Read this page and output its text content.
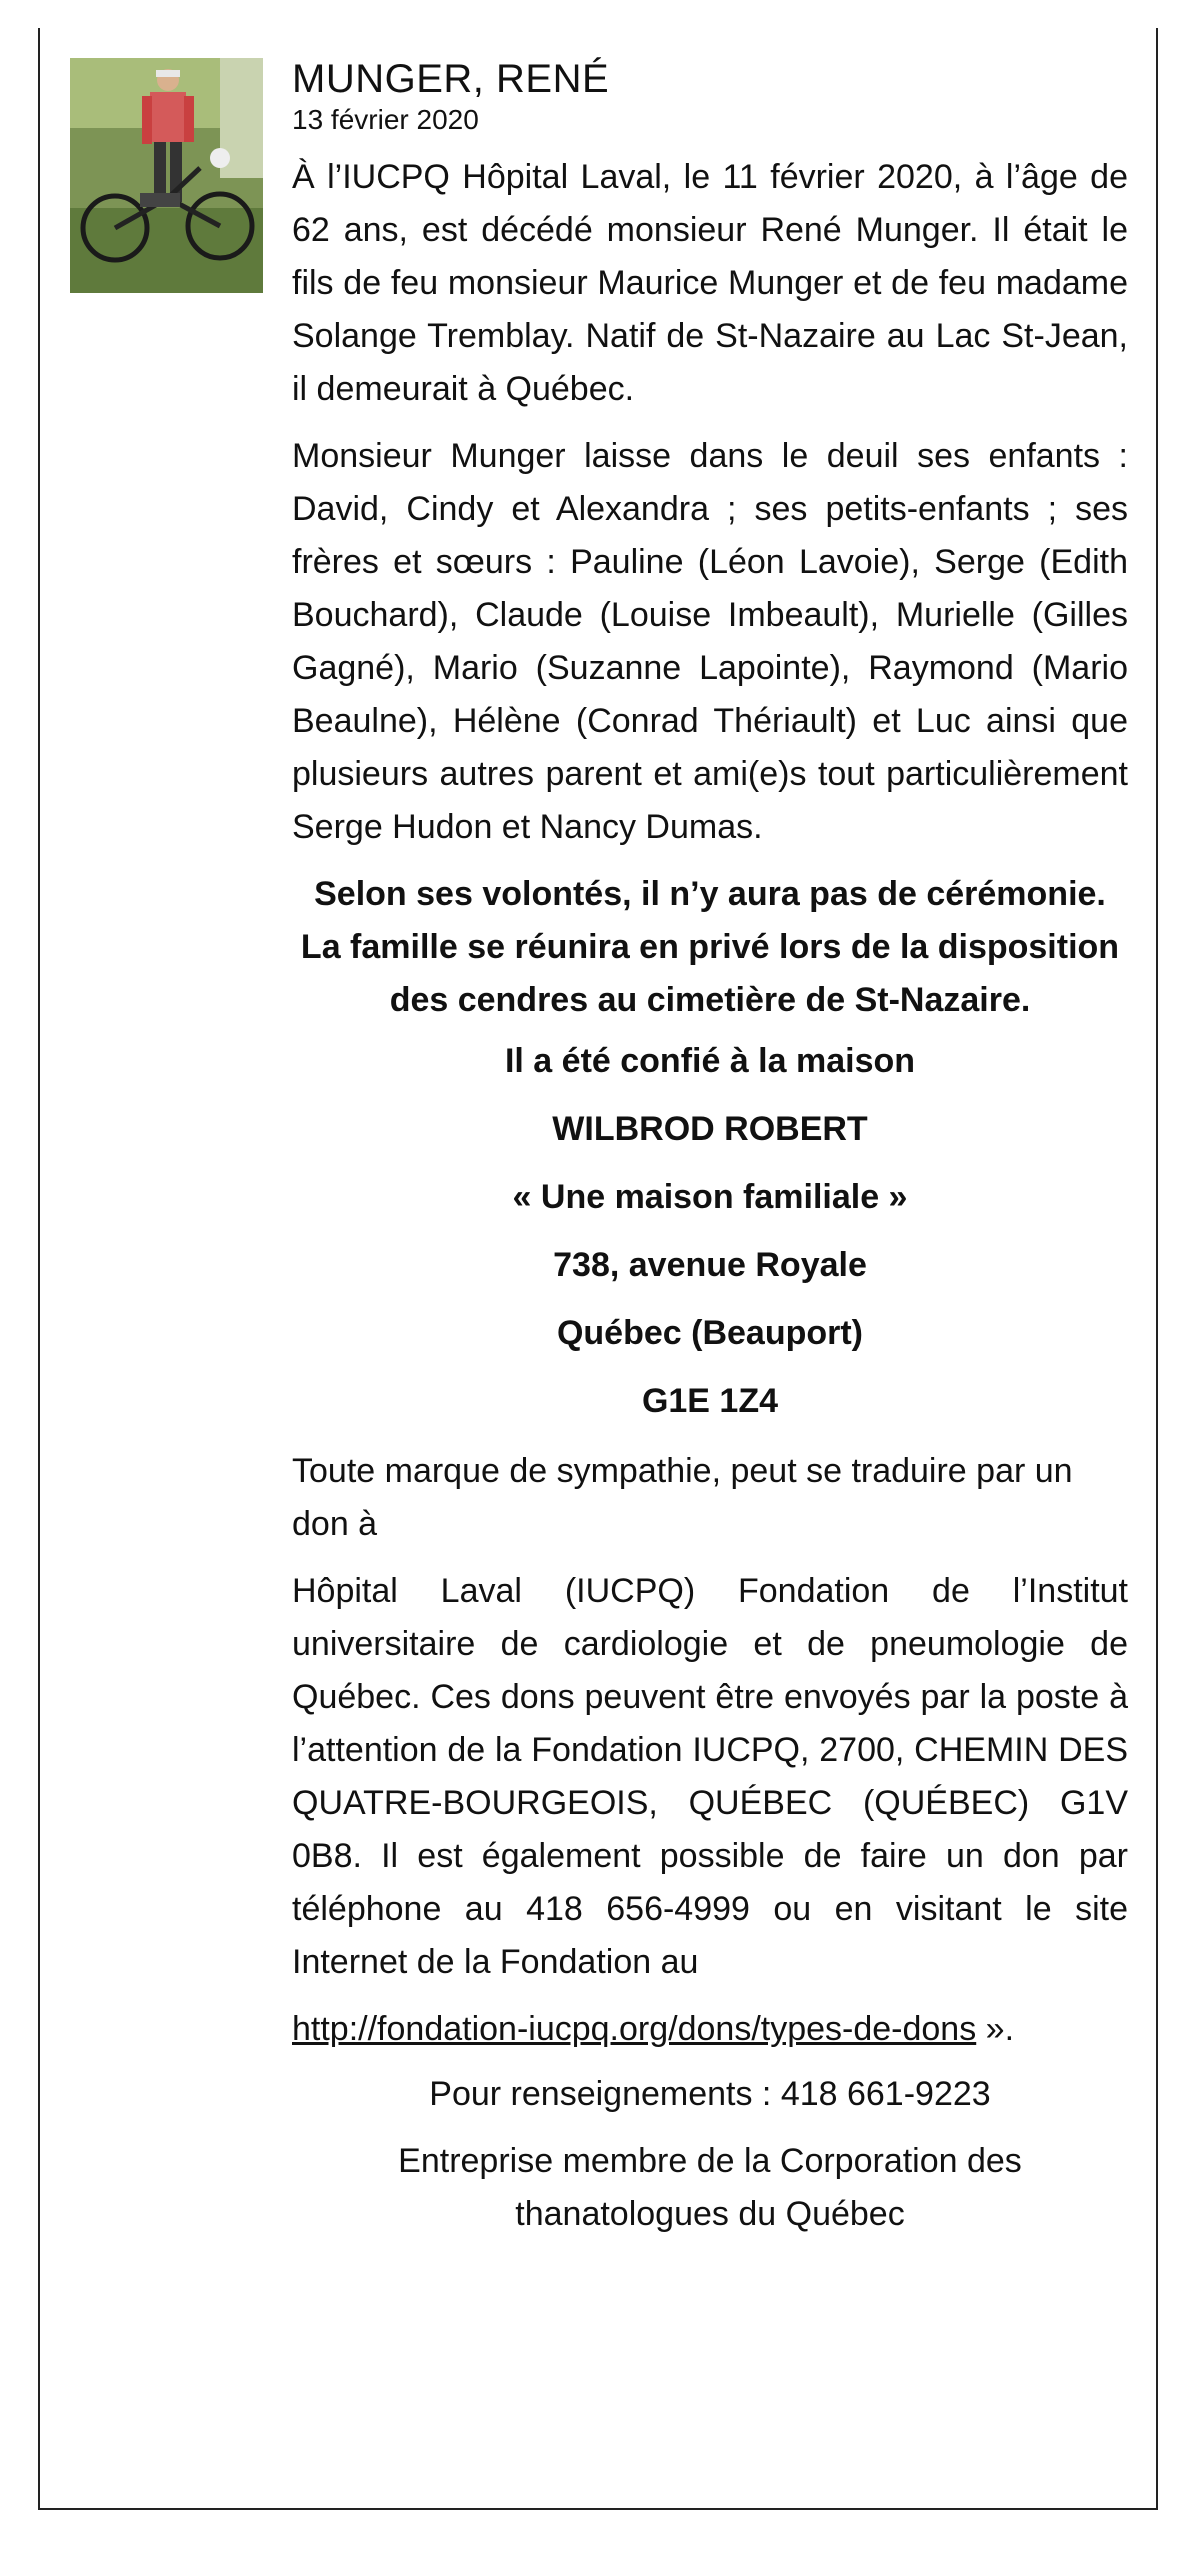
MUNGER, RENÉ
13 février 2020

À l’IUCPQ Hôpital Laval, le 11 février 2020, à l’âge de 62 ans, est décédé monsieur René Munger. Il était le fils de feu monsieur Maurice Munger et de feu madame Solange Tremblay. Natif de St-Nazaire au Lac St-Jean, il demeurait à Québec.

Monsieur Munger laisse dans le deuil ses enfants : David, Cindy et Alexandra ; ses petits-enfants ; ses frères et sœurs : Pauline (Léon Lavoie), Serge (Edith Bouchard), Claude (Louise Imbeault), Murielle (Gilles Gagné), Mario (Suzanne Lapointe), Raymond (Mario Beaulne), Hélène (Conrad Thériault) et Luc ainsi que plusieurs autres parent et ami(e)s tout particulièrement Serge Hudon et Nancy Dumas.

Selon ses volontés, il n’y aura pas de cérémonie. La famille se réunira en privé lors de la disposition des cendres au cimetière de St-Nazaire.

Il a été confié à la maison
WILBROD ROBERT
« Une maison familiale »
738, avenue Royale
Québec (Beauport)
G1E 1Z4

Toute marque de sympathie, peut se traduire par un don à

Hôpital Laval (IUCPQ) Fondation de l’Institut universitaire de cardiologie et de pneumologie de Québec. Ces dons peuvent être envoyés par la poste à l’attention de la Fondation IUCPQ, 2700, CHEMIN DES QUATRE-BOURGEOIS, QUÉBEC (QUÉBEC) G1V 0B8. Il est également possible de faire un don par téléphone au 418 656-4999 ou en visitant le site Internet de la Fondation au

http://fondation-iucpq.org/dons/types-de-dons ».

Pour renseignements : 418 661-9223

Entreprise membre de la Corporation des thanatologues du Québec
